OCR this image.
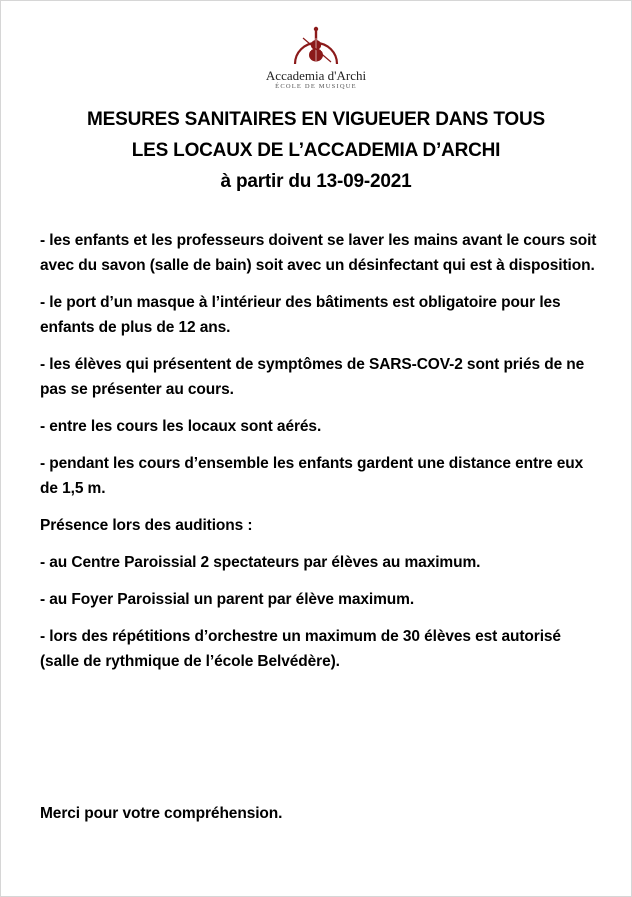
Accademia d'Archi
ÉCOLE DE MUSIQUE
MESURES SANITAIRES EN VIGUEUER DANS TOUS
LES LOCAUX DE L’ACCADEMIA D’ARCHI
à partir du 13-09-2021

- les enfants et les professeurs doivent se laver les mains avant le cours soit avec du savon (salle de bain) soit avec un désinfectant qui est à disposition.

- le port d’un masque à l’intérieur des bâtiments est obligatoire pour les enfants de plus de 12 ans.

- les élèves qui présentent de symptômes de SARS-COV-2 sont priés de ne pas se présenter au cours.

- entre les cours les locaux sont aérés.

- pendant les cours d’ensemble les enfants gardent une distance entre eux de 1,5 m.

Présence lors des auditions :

- au Centre Paroissial 2 spectateurs par élèves au maximum.

- au Foyer Paroissial un parent par élève maximum.

- lors des répétitions d’orchestre un maximum de 30 élèves est autorisé (salle de rythmique de l’école Belvédère).

Merci pour votre compréhension.
